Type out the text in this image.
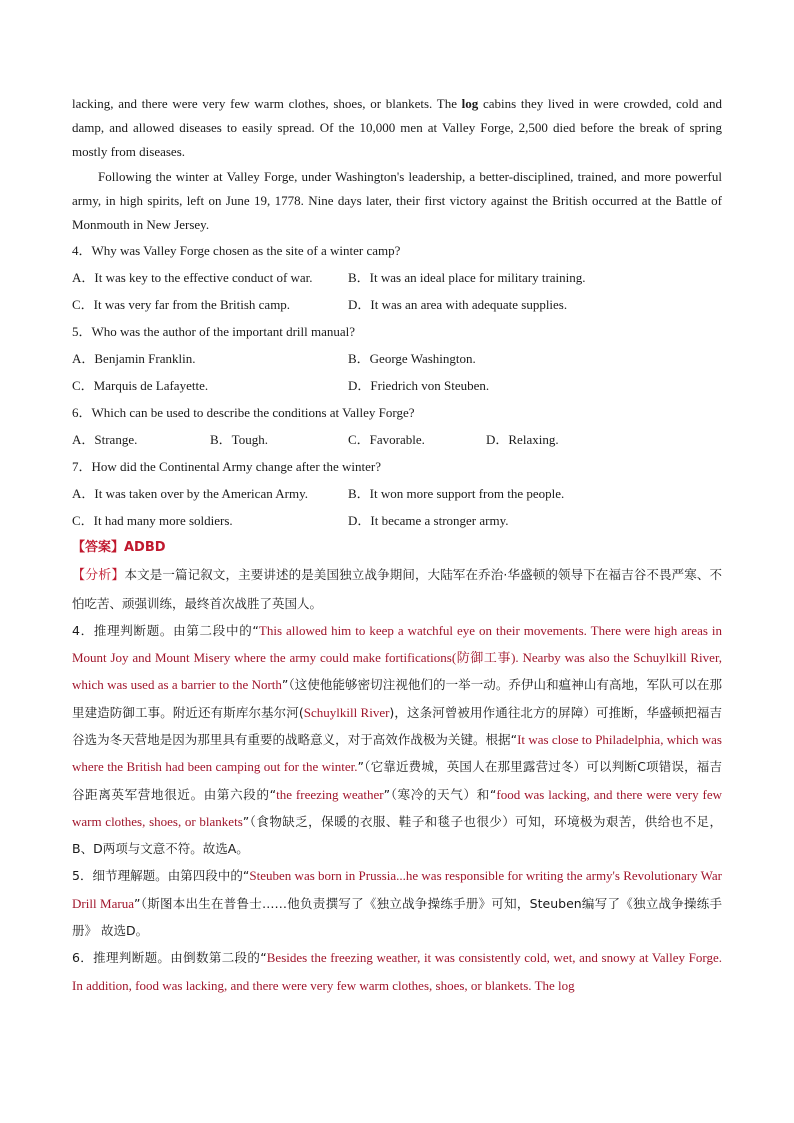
lacking, and there were very few warm clothes, shoes, or blankets. The log cabins they lived in were crowded, cold and damp, and allowed diseases to easily spread. Of the 10,000 men at Valley Forge, 2,500 died before the break of spring mostly from diseases.

Following the winter at Valley Forge, under Washington's leadership, a better-disciplined, trained, and more powerful army, in high spirits, left on June 19, 1778. Nine days later, their first victory against the British occurred at the Battle of Monmouth in New Jersey.

4．Why was Valley Forge chosen as the site of a winter camp?

A．It was key to the effective conduct of war.	B．It was an ideal place for military training.
C．It was very far from the British camp.	D．It was an area with adequate supplies.

5．Who was the author of the important drill manual?

A．Benjamin Franklin.	B．George Washington.
C．Marquis de Lafayette.	D．Friedrich von Steuben.

6．Which can be used to describe the conditions at Valley Forge?

A．Strange.	B．Tough.	C．Favorable.	D．Relaxing.

7．How did the Continental Army change after the winter?

A．It was taken over by the American Army.	B．It won more support from the people.
C．It had many more soldiers.	D．It became a stronger army.

【答案】ADBD

【分析】本文是一篇记叙文，主要讲述的是美国独立战争期间，大陆军在乔治·华盛顿的领导下在福吉谷不畏严寒、不怕吃苦、顽强训练，最终首次战胜了英国人。

4．推理判断题。由第二段中的“This allowed him to keep a watchful eye on their movements. There were high areas in Mount Joy and Mount Misery where the army could make fortifications(防御工事). Nearby was also the Schuylkill River, which was used as a barrier to the North”（这使他能够密切注视他们的一举一动。乔伊山和瘟神山有高地，军队可以在那里建造防御工事。附近还有斯库尔基尔河(Schuylkill River)，这条河曾被用作通往北方的屏障）可推断，华盛顿把福吉谷选为冬天营地是因为那里具有重要的战略意义，对于高效作战极为关键。根据“It was close to Philadelphia, which was where the British had been camping out for the winter.”（它靠近费城，英国人在那里露营过冬）可以判断C项错误，福吉谷距离英军营地很近。由第六段的“the freezing weather”（寒冷的天气）和“food was lacking, and there were very few warm clothes, shoes, or blankets”（食物缺乏，保暖的衣服、鞋子和毯子也很少）可知，环境极为艰苦，供给也不足，B、D两项与文意不符。故选A。

5．细节理解题。由第四段中的“Steuben was born in Prussia...he was responsible for writing the army's Revolutionary War Drill Marua”（斯图本出生在普鲁士……他负责撰写了《独立战争操练手册》可知，Steuben编写了《独立战争操练手册》 故选D。

6．推理判断题。由倒数第二段的“Besides the freezing weather, it was consistently cold, wet, and snowy at Valley Forge. In addition, food was lacking, and there were very few warm clothes, shoes, or blankets. The log
